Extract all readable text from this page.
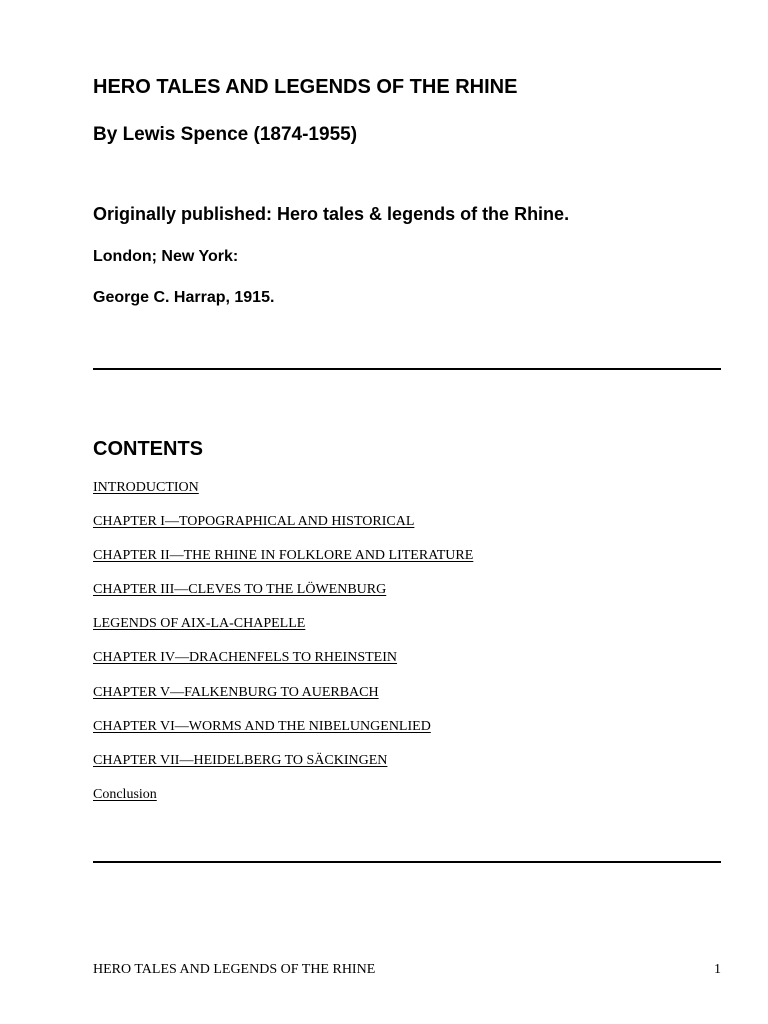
HERO TALES AND LEGENDS OF THE RHINE
By Lewis Spence (1874-1955)
Originally published: Hero tales & legends of the Rhine.

London; New York:

George C. Harrap, 1915.

CONTENTS
INTRODUCTION
CHAPTER I—TOPOGRAPHICAL AND HISTORICAL
CHAPTER II—THE RHINE IN FOLKLORE AND LITERATURE
CHAPTER III—CLEVES TO THE LÖWENBURG
LEGENDS OF AIX-LA-CHAPELLE
CHAPTER IV—DRACHENFELS TO RHEINSTEIN
CHAPTER V—FALKENBURG TO AUERBACH
CHAPTER VI—WORMS AND THE NIBELUNGENLIED
CHAPTER VII—HEIDELBERG TO SÄCKINGEN
Conclusion
HERO TALES AND LEGENDS OF THE RHINE	1
